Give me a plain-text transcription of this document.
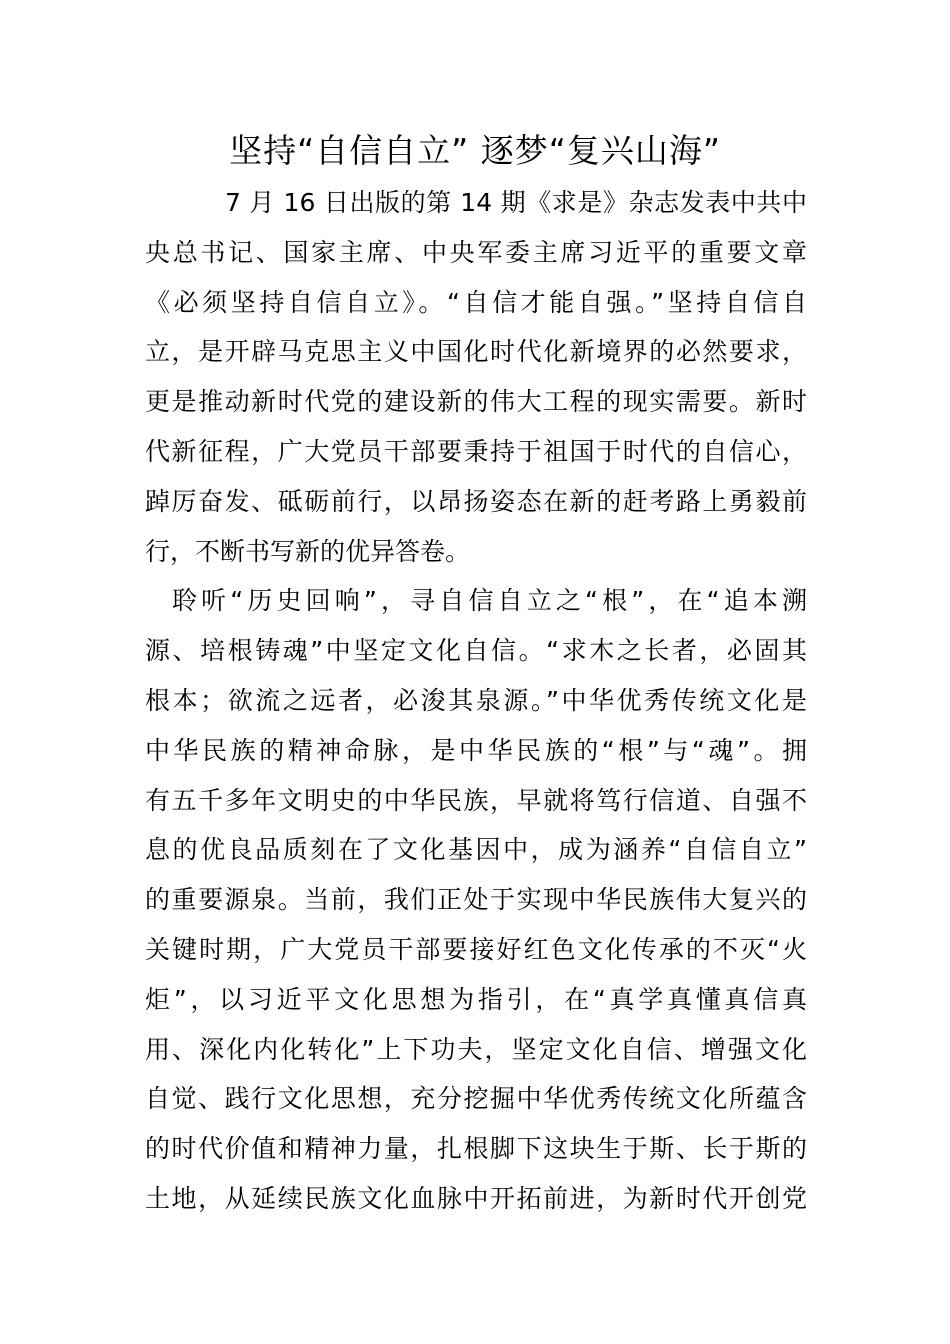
坚持“自信自立” 逐梦“复兴山海”
7 月 16 日出版的第 14 期《求是》杂志发表中共中
央总书记、国家主席、中央军委主席习近平的重要文章
《必须坚持自信自立》。“自信才能自强。”坚持自信自
立，是开辟马克思主义中国化时代化新境界的必然要求，
更是推动新时代党的建设新的伟大工程的现实需要。新时
代新征程，广大党员干部要秉持于祖国于时代的自信心，
踔厉奋发、砥砺前行，以昂扬姿态在新的赶考路上勇毅前
行，不断书写新的优异答卷。
聆听“历史回响”，寻自信自立之“根”，在“追本溯
源、培根铸魂”中坚定文化自信。“求木之长者，必固其
根本；欲流之远者，必浚其泉源。”中华优秀传统文化是
中华民族的精神命脉，是中华民族的“根”与“魂”。拥
有五千多年文明史的中华民族，早就将笃行信道、自强不
息的优良品质刻在了文化基因中，成为涵养“自信自立”
的重要源泉。当前，我们正处于实现中华民族伟大复兴的
关键时期，广大党员干部要接好红色文化传承的不灭“火
炬”，以习近平文化思想为指引，在“真学真懂真信真
用、深化内化转化”上下功夫，坚定文化自信、增强文化
自觉、践行文化思想，充分挖掘中华优秀传统文化所蕴含
的时代价值和精神力量，扎根脚下这块生于斯、长于斯的
土地，从延续民族文化血脉中开拓前进，为新时代开创党
